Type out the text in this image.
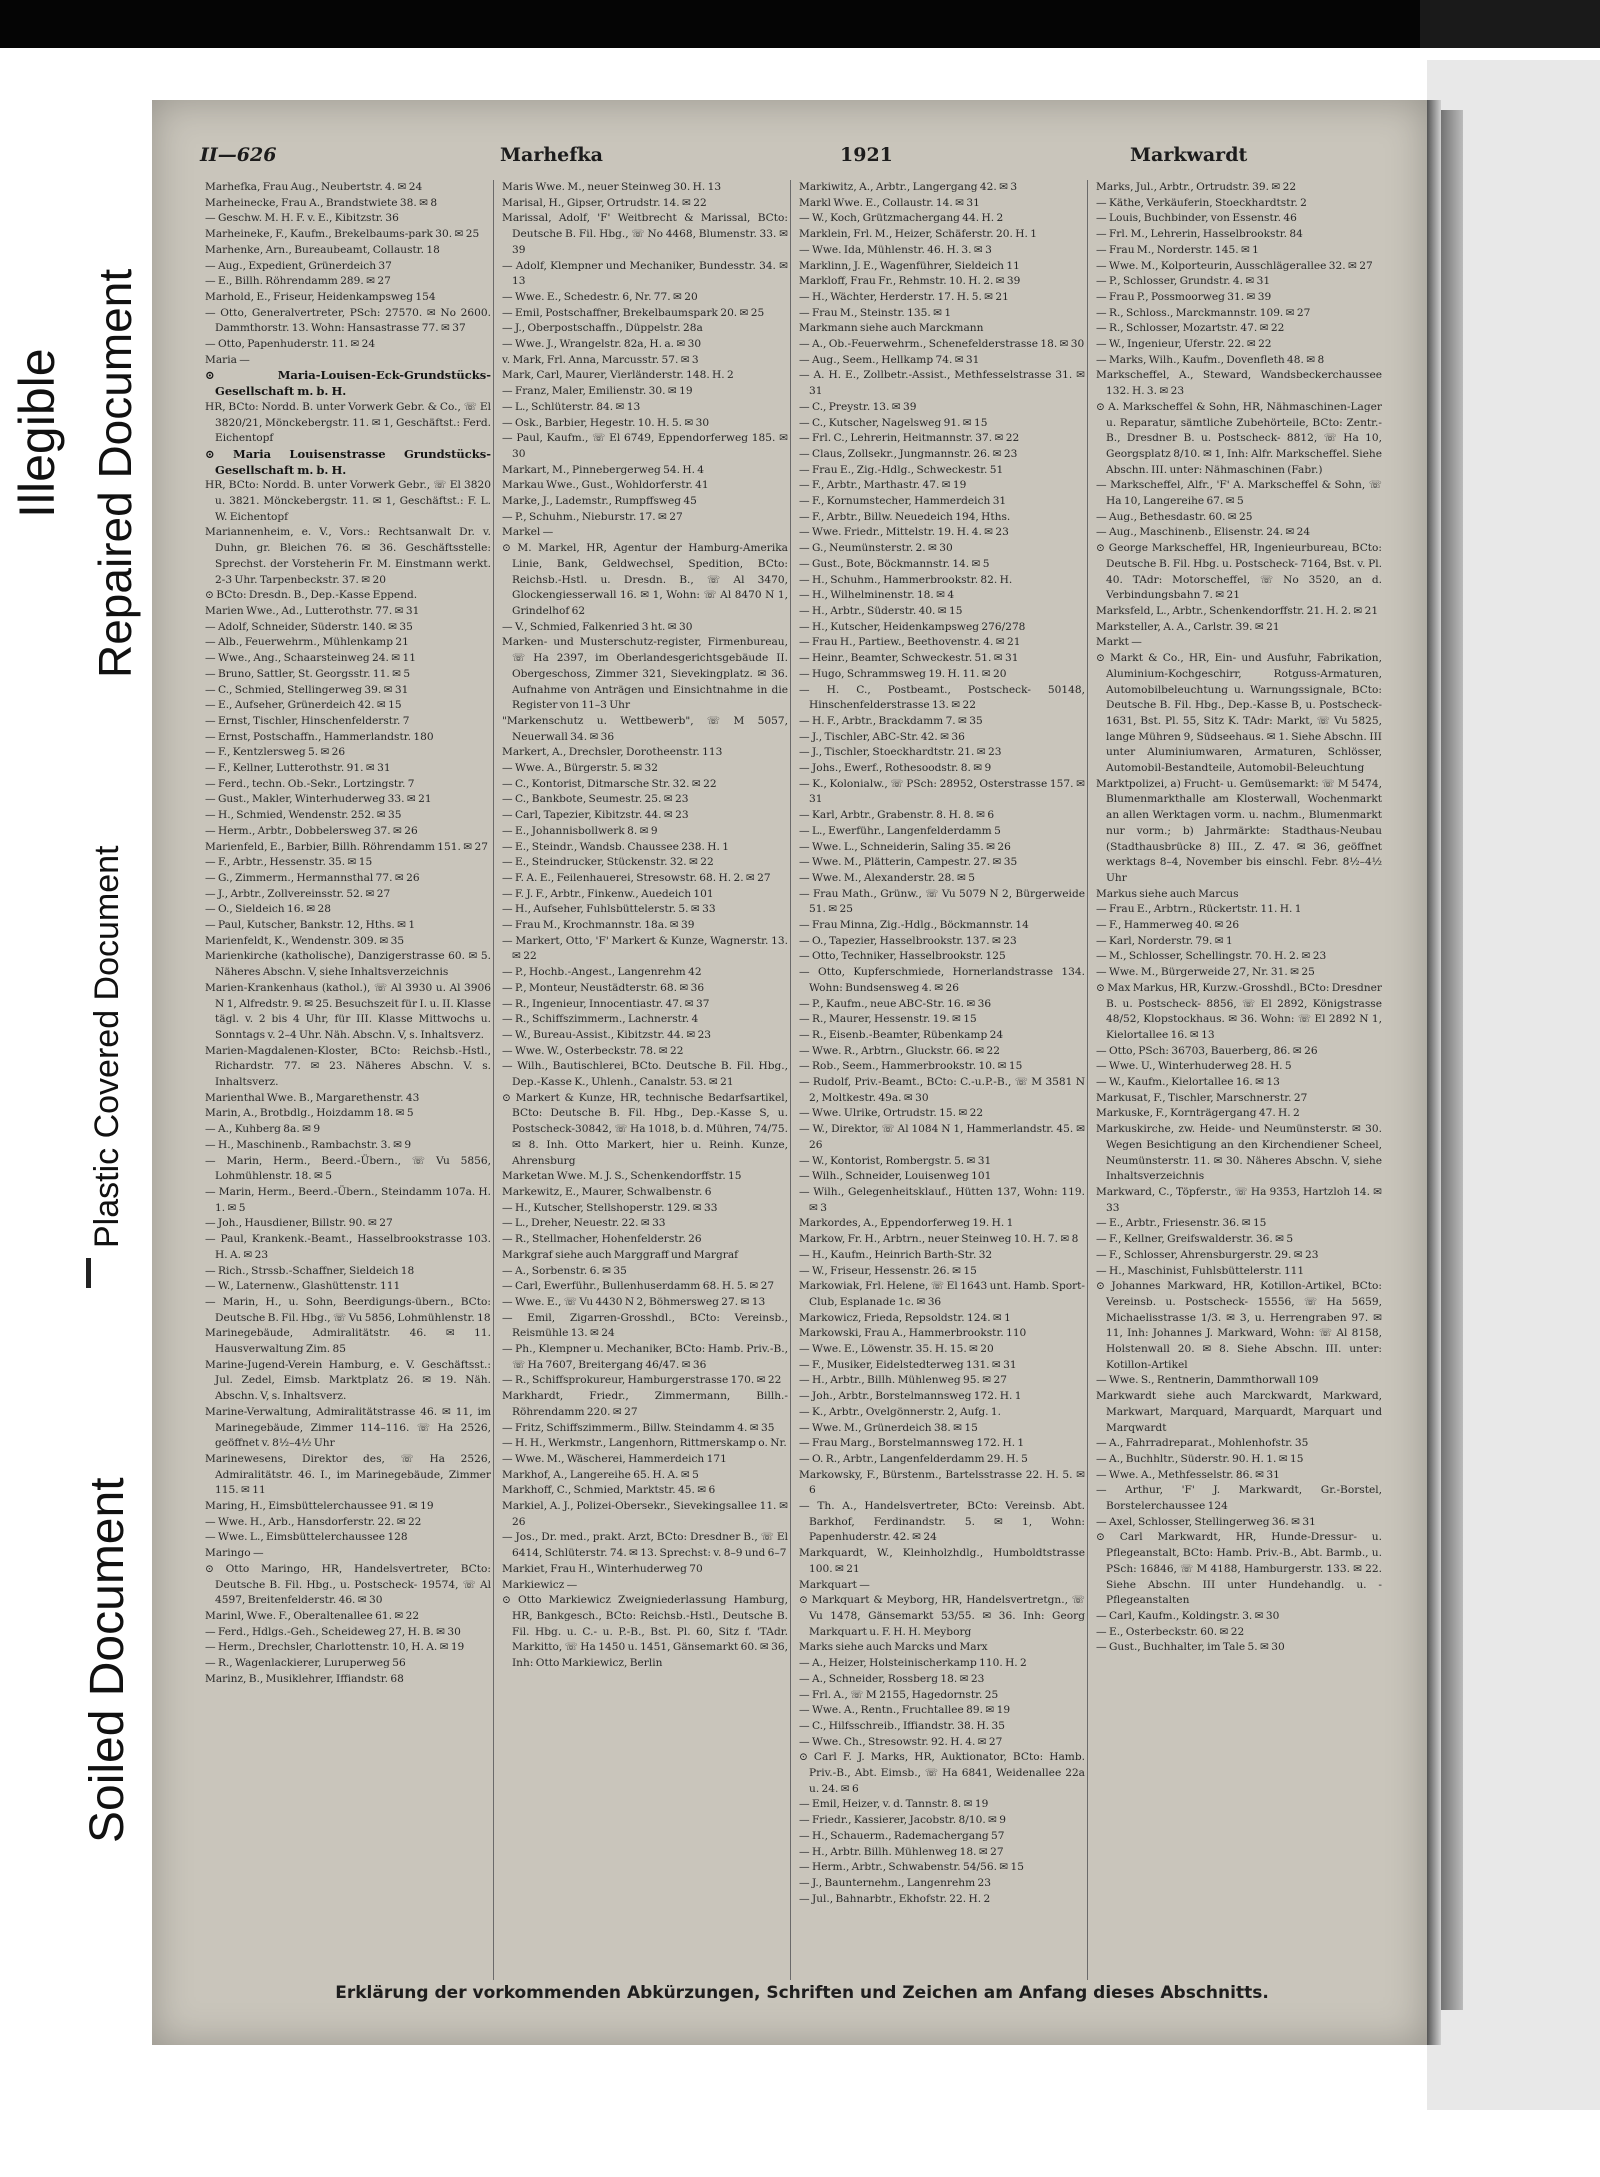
Illegible Repaired Document
Plastic Covered Document
Soiled Document
II—626	Marhefka	1921	Markwardt

Marhefka, Frau Aug., Neubertstr. 4. ✉ 24

Marheinecke, Frau A., Brandstwiete 38. ✉ 8

— Geschw. M. H. F. v. E., Kibitzstr. 36

Marheineke, F., Kaufm., Brekelbaums-park 30. ✉ 25

Marhenke, Arn., Bureaubeamt, Collaustr. 18

— Aug., Expedient, Grünerdeich 37

— E., Billh. Röhrendamm 289. ✉ 27

Marhold, E., Friseur, Heidenkampsweg 154

— Otto, Generalvertreter, PSch: 27570. ✉ No 2600. Dammthorstr. 13. Wohn: Hansastrasse 77. ✉ 37

— Otto, Papenhuderstr. 11. ✉ 24

Maria —

⊙ Maria-Louisen-Eck-Grundstücks-Gesellschaft m. b. H.

HR, BCto: Nordd. B. unter Vorwerk Gebr. & Co., ☏ El 3820/21, Mönckebergstr. 11. ✉ 1, Geschäftst.: Ferd. Eichentopf

⊙ Maria Louisenstrasse Grundstücks-Gesellschaft m. b. H.

HR, BCto: Nordd. B. unter Vorwerk Gebr., ☏ El 3820 u. 3821. Mönckebergstr. 11. ✉ 1, Geschäftst.: F. L. W. Eichentopf

Mariannenheim, e. V., Vors.: Rechtsanwalt Dr. v. Duhn, gr. Bleichen 76. ✉ 36. Geschäftsstelle: Sprechst. der Vorsteherin Fr. M. Einstmann werkt. 2-3 Uhr. Tarpenbeckstr. 37. ✉ 20

⊙ BCto: Dresdn. B., Dep.-Kasse Eppend.

Marien Wwe., Ad., Lutterothstr. 77. ✉ 31

— Adolf, Schneider, Süderstr. 140. ✉ 35

— Alb., Feuerwehrm., Mühlenkamp 21

— Wwe., Ang., Schaarsteinweg 24. ✉ 11

— Bruno, Sattler, St. Georgsstr. 11. ✉ 5

— C., Schmied, Stellingerweg 39. ✉ 31

— E., Aufseher, Grünerdeich 42. ✉ 15

— Ernst, Tischler, Hinschenfelderstr. 7

— Ernst, Postschaffn., Hammerlandstr. 180

— F., Kentzlersweg 5. ✉ 26

— F., Kellner, Lutterothstr. 91. ✉ 31

— Ferd., techn. Ob.-Sekr., Lortzingstr. 7

— Gust., Makler, Winterhuderweg 33. ✉ 21

— H., Schmied, Wendenstr. 252. ✉ 35

— Herm., Arbtr., Dobbelersweg 37. ✉ 26

Marienfeld, E., Barbier, Billh. Röhrendamm 151. ✉ 27

— F., Arbtr., Hessenstr. 35. ✉ 15

— G., Zimmerm., Hermannsthal 77. ✉ 26

— J., Arbtr., Zollvereinsstr. 52. ✉ 27

— O., Sieldeich 16. ✉ 28

— Paul, Kutscher, Bankstr. 12, Hths. ✉ 1

Marienfeldt, K., Wendenstr. 309. ✉ 35

Marienkirche (katholische), Danzigerstrasse 60. ✉ 5. Näheres Abschn. V, siehe Inhaltsverzeichnis

Marien-Krankenhaus (kathol.), ☏ Al 3930 u. Al 3906 N 1, Alfredstr. 9. ✉ 25. Besuchszeit für I. u. II. Klasse tägl. v. 2 bis 4 Uhr, für III. Klasse Mittwochs u. Sonntags v. 2–4 Uhr. Näh. Abschn. V, s. Inhaltsverz.

Marien-Magdalenen-Kloster, BCto: Reichsb.-Hstl., Richardstr. 77. ✉ 23. Näheres Abschn. V. s. Inhaltsverz.

Marienthal Wwe. B., Margarethenstr. 43

Marin, A., Brotbdlg., Hoizdamm 18. ✉ 5

— A., Kuhberg 8a. ✉ 9

— H., Maschinenb., Rambachstr. 3. ✉ 9

— Marin, Herm., Beerd.-Übern., ☏ Vu 5856, Lohmühlenstr. 18. ✉ 5

— Marin, Herm., Beerd.-Übern., Steindamm 107a. H. 1. ✉ 5

— Joh., Hausdiener, Billstr. 90. ✉ 27

— Paul, Krankenk.-Beamt., Hasselbrookstrasse 103. H. A. ✉ 23

— Rich., Strssb.-Schaffner, Sieldeich 18

— W., Laternenw., Glashüttenstr. 111

— Marin, H., u. Sohn, Beerdigungs-übern., BCto: Deutsche B. Fil. Hbg., ☏ Vu 5856, Lohmühlenstr. 18

Marinegebäude, Admiralitätstr. 46. ✉ 11. Hausverwaltung Zim. 85

Marine-Jugend-Verein Hamburg, e. V. Geschäftsst.: Jul. Zedel, Eimsb. Marktplatz 26. ✉ 19. Näh. Abschn. V, s. Inhaltsverz.

Marine-Verwaltung, Admiralitätstrasse 46. ✉ 11, im Marinegebäude, Zimmer 114–116. ☏ Ha 2526, geöffnet v. 8½–4½ Uhr

Marinewesens, Direktor des, ☏ Ha 2526, Admiralitätstr. 46. I., im Marinegebäude, Zimmer 115. ✉ 11

Maring, H., Eimsbüttelerchaussee 91. ✉ 19

— Wwe. H., Arb., Hansdorferstr. 22. ✉ 22

— Wwe. L., Eimsbüttelerchaussee 128

Maringo —

⊙ Otto Maringo, HR, Handelsvertreter, BCto: Deutsche B. Fil. Hbg., u. Postscheck- 19574, ☏ Al 4597, Breitenfelderstr. 46. ✉ 30

Marinl, Wwe. F., Oberaltenallee 61. ✉ 22

— Ferd., Hdlgs.-Geh., Scheideweg 27, H. B. ✉ 30

— Herm., Drechsler, Charlottenstr. 10, H. A. ✉ 19

— R., Wagenlackierer, Luruperweg 56

Marinz, B., Musiklehrer, Iffiandstr. 68

Maris Wwe. M., neuer Steinweg 30. H. 13

Marisal, H., Gipser, Ortrudstr. 14. ✉ 22

Marissal, Adolf, 'F' Weitbrecht & Marissal, BCto: Deutsche B. Fil. Hbg., ☏ No 4468, Blumenstr. 33. ✉ 39

— Adolf, Klempner und Mechaniker, Bundesstr. 34. ✉ 13

— Wwe. E., Schedestr. 6, Nr. 77. ✉ 20

— Emil, Postschaffner, Brekelbaumspark 20. ✉ 25

— J., Oberpostschaffn., Düppelstr. 28a

— Wwe. J., Wrangelstr. 82a, H. a. ✉ 30

v. Mark, Frl. Anna, Marcusstr. 57. ✉ 3

Mark, Carl, Maurer, Vierländerstr. 148. H. 2

— Franz, Maler, Emilienstr. 30. ✉ 19

— L., Schlüterstr. 84. ✉ 13

— Osk., Barbier, Hegestr. 10. H. 5. ✉ 30

— Paul, Kaufm., ☏ El 6749, Eppendorferweg 185. ✉ 30

Markart, M., Pinnebergerweg 54. H. 4

Markau Wwe., Gust., Wohldorferstr. 41

Marke, J., Lademstr., Rumpffsweg 45

— P., Schuhm., Nieburstr. 17. ✉ 27

Markel —

⊙ M. Markel, HR, Agentur der Hamburg-Amerika Linie, Bank, Geldwechsel, Spedition, BCto: Reichsb.-Hstl. u. Dresdn. B., ☏ Al 3470, Glockengiesserwall 16. ✉ 1, Wohn: ☏ Al 8470 N 1, Grindelhof 62

— V., Schmied, Falkenried 3 ht. ✉ 30

Marken- und Musterschutz-register, Firmenbureau, ☏ Ha 2397, im Oberlandesgerichtsgebäude II. Obergeschoss, Zimmer 321, Sievekingplatz. ✉ 36. Aufnahme von Anträgen und Einsichtnahme in die Register von 11–3 Uhr

"Markenschutz u. Wettbewerb", ☏ M 5057, Neuerwall 34. ✉ 36

Markert, A., Drechsler, Dorotheenstr. 113

— Wwe. A., Bürgerstr. 5. ✉ 32

— C., Kontorist, Ditmarsche Str. 32. ✉ 22

— C., Bankbote, Seumestr. 25. ✉ 23

— Carl, Tapezier, Kibitzstr. 44. ✉ 23

— E., Johannisbollwerk 8. ✉ 9

— E., Steindr., Wandsb. Chaussee 238. H. 1

— E., Steindrucker, Stückenstr. 32. ✉ 22

— F. A. E., Feilenhauerei, Stresowstr. 68. H. 2. ✉ 27

— F. J. F., Arbtr., Finkenw., Auedeich 101

— H., Aufseher, Fuhlsbüttelerstr. 5. ✉ 33

— Frau M., Krochmannstr. 18a. ✉ 39

— Markert, Otto, 'F' Markert & Kunze, Wagnerstr. 13. ✉ 22

— P., Hochb.-Angest., Langenrehm 42

— P., Monteur, Neustädterstr. 68. ✉ 36

— R., Ingenieur, Innocentiastr. 47. ✉ 37

— R., Schiffszimmerm., Lachnerstr. 4

— W., Bureau-Assist., Kibitzstr. 44. ✉ 23

— Wwe. W., Osterbeckstr. 78. ✉ 22

— Wilh., Bautischlerei, BCto. Deutsche B. Fil. Hbg., Dep.-Kasse K., Uhlenh., Canalstr. 53. ✉ 21

⊙ Markert & Kunze, HR, technische Bedarfsartikel, BCto: Deutsche B. Fil. Hbg., Dep.-Kasse S, u. Postscheck-30842, ☏ Ha 1018, b. d. Mühren, 74/75. ✉ 8. Inh. Otto Markert, hier u. Reinh. Kunze, Ahrensburg

Marketan Wwe. M. J. S., Schenkendorffstr. 15

Markewitz, E., Maurer, Schwalbenstr. 6

— H., Kutscher, Stellshoperstr. 129. ✉ 33

— L., Dreher, Neuestr. 22. ✉ 33

— R., Stellmacher, Hohenfelderstr. 26

Markgraf siehe auch Marggraff und Margraf

— A., Sorbenstr. 6. ✉ 35

— Carl, Ewerführ., Bullenhuserdamm 68. H. 5. ✉ 27

— Wwe. E., ☏ Vu 4430 N 2, Böhmersweg 27. ✉ 13

— Emil, Zigarren-Grosshdl., BCto: Vereinsb., Reismühle 13. ✉ 24

— Ph., Klempner u. Mechaniker, BCto: Hamb. Priv.-B., ☏ Ha 7607, Breitergang 46/47. ✉ 36

— R., Schiffsprokureur, Hamburgerstrasse 170. ✉ 22

Markhardt, Friedr., Zimmermann, Billh.-Röhrendamm 220. ✉ 27

— Fritz, Schiffszimmerm., Billw. Steindamm 4. ✉ 35

— H. H., Werkmstr., Langenhorn, Rittmerskamp o. Nr.

— Wwe. M., Wäscherei, Hammerdeich 171

Markhof, A., Langereihe 65. H. A. ✉ 5

Markhoff, C., Schmied, Marktstr. 45. ✉ 6

Markiel, A. J., Polizei-Obersekr., Sievekingsallee 11. ✉ 26

— Jos., Dr. med., prakt. Arzt, BCto: Dresdner B., ☏ El 6414, Schlüterstr. 74. ✉ 13. Sprechst: v. 8–9 und 6–7

Markiet, Frau H., Winterhuderweg 70

Markiewicz —

⊙ Otto Markiewicz Zweigniederlassung Hamburg, HR, Bankgesch., BCto: Reichsb.-Hstl., Deutsche B. Fil. Hbg. u. C.- u. P.-B., Bst. Pl. 60, Sitz f. 'TAdr. Markitto, ☏ Ha 1450 u. 1451, Gänsemarkt 60. ✉ 36, Inh: Otto Markiewicz, Berlin

Markiwitz, A., Arbtr., Langergang 42. ✉ 3

Markl Wwe. E., Collaustr. 14. ✉ 31

— W., Koch, Grützmachergang 44. H. 2

Marklein, Frl. M., Heizer, Schäferstr. 20. H. 1

— Wwe. Ida, Mühlenstr. 46. H. 3. ✉ 3

Marklinn, J. E., Wagenführer, Sieldeich 11

Markloff, Frau Fr., Rehmstr. 10. H. 2. ✉ 39

— H., Wächter, Herderstr. 17. H. 5. ✉ 21

— Frau M., Steinstr. 135. ✉ 1

Markmann siehe auch Marckmann

— A., Ob.-Feuerwehrm., Schenefelderstrasse 18. ✉ 30

— Aug., Seem., Hellkamp 74. ✉ 31

— A. H. E., Zollbetr.-Assist., Methfesselstrasse 31. ✉ 31

— C., Preystr. 13. ✉ 39

— C., Kutscher, Nagelsweg 91. ✉ 15

— Frl. C., Lehrerin, Heitmannstr. 37. ✉ 22

— Claus, Zollsekr., Jungmannstr. 26. ✉ 23

— Frau E., Zig.-Hdlg., Schweckestr. 51

— F., Arbtr., Marthastr. 47. ✉ 19

— F., Kornumstecher, Hammerdeich 31

— F., Arbtr., Billw. Neuedeich 194, Hths.

— Wwe. Friedr., Mittelstr. 19. H. 4. ✉ 23

— G., Neumünsterstr. 2. ✉ 30

— Gust., Bote, Böckmannstr. 14. ✉ 5

— H., Schuhm., Hammerbrookstr. 82. H.

— H., Wilhelminenstr. 18. ✉ 4

— H., Arbtr., Süderstr. 40. ✉ 15

— H., Kutscher, Heidenkampsweg 276/278

— Frau H., Partiew., Beethovenstr. 4. ✉ 21

— Heinr., Beamter, Schweckestr. 51. ✉ 31

— Hugo, Schrammsweg 19. H. 11. ✉ 20

— H. C., Postbeamt., Postscheck- 50148, Hinschenfelderstrasse 13. ✉ 22

— H. F., Arbtr., Brackdamm 7. ✉ 35

— J., Tischler, ABC-Str. 42. ✉ 36

— J., Tischler, Stoeckhardtstr. 21. ✉ 23

— Johs., Ewerf., Rothesoodstr. 8. ✉ 9

— K., Kolonialw., ☏ PSch: 28952, Osterstrasse 157. ✉ 31

— Karl, Arbtr., Grabenstr. 8. H. 8. ✉ 6

— L., Ewerführ., Langenfelderdamm 5

— Wwe. L., Schneiderin, Saling 35. ✉ 26

— Wwe. M., Plätterin, Campestr. 27. ✉ 35

— Wwe. M., Alexanderstr. 28. ✉ 5

— Frau Math., Grünw., ☏ Vu 5079 N 2, Bürgerweide 51. ✉ 25

— Frau Minna, Zig.-Hdlg., Böckmannstr. 14

— O., Tapezier, Hasselbrookstr. 137. ✉ 23

— Otto, Techniker, Hasselbrookstr. 125

— Otto, Kupferschmiede, Hornerlandstrasse 134. Wohn: Bundsensweg 4. ✉ 26

— P., Kaufm., neue ABC-Str. 16. ✉ 36

— R., Maurer, Hessenstr. 19. ✉ 15

— R., Eisenb.-Beamter, Rübenkamp 24

— Wwe. R., Arbtrn., Gluckstr. 66. ✉ 22

— Rob., Seem., Hammerbrookstr. 10. ✉ 15

— Rudolf, Priv.-Beamt., BCto: C.-u.P.-B., ☏ M 3581 N 2, Moltkestr. 49a. ✉ 30

— Wwe. Ulrike, Ortrudstr. 15. ✉ 22

— W., Direktor, ☏ Al 1084 N 1, Hammerlandstr. 45. ✉ 26

— W., Kontorist, Rombergstr. 5. ✉ 31

— Wilh., Schneider, Louisenweg 101

— Wilh., Gelegenheitsklauf., Hütten 137, Wohn: 119. ✉ 3

Markordes, A., Eppendorferweg 19. H. 1

Markow, Fr. H., Arbtrn., neuer Steinweg 10. H. 7. ✉ 8

— H., Kaufm., Heinrich Barth-Str. 32

— W., Friseur, Hessenstr. 26. ✉ 15

Markowiak, Frl. Helene, ☏ El 1643 unt. Hamb. Sport-Club, Esplanade 1c. ✉ 36

Markowicz, Frieda, Repsoldstr. 124. ✉ 1

Markowski, Frau A., Hammerbrookstr. 110

— Wwe. E., Löwenstr. 35. H. 15. ✉ 20

— F., Musiker, Eidelstedterweg 131. ✉ 31

— H., Arbtr., Billh. Mühlenweg 95. ✉ 27

— Joh., Arbtr., Borstelmannsweg 172. H. 1

— K., Arbtr., Ovelgönnerstr. 2, Aufg. 1.

— Wwe. M., Grünerdeich 38. ✉ 15

— Frau Marg., Borstelmannsweg 172. H. 1

— O. R., Arbtr., Langenfelderdamm 29. H. 5

Markowsky, F., Bürstenm., Bartelsstrasse 22. H. 5. ✉ 6

— Th. A., Handelsvertreter, BCto: Vereinsb. Abt. Barkhof, Ferdinandstr. 5. ✉ 1, Wohn: Papenhuderstr. 42. ✉ 24

Markquardt, W., Kleinholzhdlg., Humboldtstrasse 100. ✉ 21

Markquart —

⊙ Markquart & Meyborg, HR, Handelsvertretgn., ☏ Vu 1478, Gänsemarkt 53/55. ✉ 36. Inh: Georg Markquart u. F. H. H. Meyborg

Marks siehe auch Marcks und Marx

— A., Heizer, Holsteinischerkamp 110. H. 2

— A., Schneider, Rossberg 18. ✉ 23

— Frl. A., ☏ M 2155, Hagedornstr. 25

— Wwe. A., Rentn., Fruchtallee 89. ✉ 19

— C., Hilfsschreib., Iffiandstr. 38. H. 35

— Wwe. Ch., Stresowstr. 92. H. 4. ✉ 27

⊙ Carl F. J. Marks, HR, Auktionator, BCto: Hamb. Priv.-B., Abt. Eimsb., ☏ Ha 6841, Weidenallee 22a u. 24. ✉ 6

— Emil, Heizer, v. d. Tannstr. 8. ✉ 19

— Friedr., Kassierer, Jacobstr. 8/10. ✉ 9

— H., Schauerm., Rademachergang 57

— H., Arbtr. Billh. Mühlenweg 18. ✉ 27

— Herm., Arbtr., Schwabenstr. 54/56. ✉ 15

— J., Baunternehm., Langenrehm 23

— Jul., Bahnarbtr., Ekhofstr. 22. H. 2

Marks, Jul., Arbtr., Ortrudstr. 39. ✉ 22

— Käthe, Verkäuferin, Stoeckhardtstr. 2

— Louis, Buchbinder, von Essenstr. 46

— Frl. M., Lehrerin, Hasselbrookstr. 84

— Frau M., Norderstr. 145. ✉ 1

— Wwe. M., Kolporteurin, Ausschlägerallee 32. ✉ 27

— P., Schlosser, Grundstr. 4. ✉ 31

— Frau P., Possmoorweg 31. ✉ 39

— R., Schloss., Marckmannstr. 109. ✉ 27

— R., Schlosser, Mozartstr. 47. ✉ 22

— W., Ingenieur, Uferstr. 22. ✉ 22

— Marks, Wilh., Kaufm., Dovenfleth 48. ✉ 8

Markscheffel, A., Steward, Wandsbeckerchaussee 132. H. 3. ✉ 23

⊙ A. Markscheffel & Sohn, HR, Nähmaschinen-Lager u. Reparatur, sämtliche Zubehörteile, BCto: Zentr.-B., Dresdner B. u. Postscheck- 8812, ☏ Ha 10, Georgsplatz 8/10. ✉ 1, Inh: Alfr. Markscheffel. Siehe Abschn. III. unter: Nähmaschinen (Fabr.)

— Markscheffel, Alfr., 'F' A. Markscheffel & Sohn, ☏ Ha 10, Langereihe 67. ✉ 5

— Aug., Bethesdastr. 60. ✉ 25

— Aug., Maschinenb., Elisenstr. 24. ✉ 24

⊙ George Markscheffel, HR, Ingenieurbureau, BCto: Deutsche B. Fil. Hbg. u. Postscheck- 7164, Bst. v. Pl. 40. TAdr: Motorscheffel, ☏ No 3520, an d. Verbindungsbahn 7. ✉ 21

Marksfeld, L., Arbtr., Schenkendorffstr. 21. H. 2. ✉ 21

Marksteller, A. A., Carlstr. 39. ✉ 21

Markt —

⊙ Markt & Co., HR, Ein- und Ausfuhr, Fabrikation, Aluminium-Kochgeschirr, Rotguss-Armaturen, Automobilbeleuchtung u. Warnungssignale, BCto: Deutsche B. Fil. Hbg., Dep.-Kasse B, u. Postscheck- 1631, Bst. Pl. 55, Sitz K. TAdr: Markt, ☏ Vu 5825, lange Mühren 9, Südseehaus. ✉ 1. Siehe Abschn. III unter Aluminiumwaren, Armaturen, Schlösser, Automobil-Bestandteile, Automobil-Beleuchtung

Marktpolizei, a) Frucht- u. Gemüsemarkt: ☏ M 5474, Blumenmarkthalle am Klosterwall, Wochenmarkt an allen Werktagen vorm. u. nachm., Blumenmarkt nur vorm.; b) Jahrmärkte: Stadthaus-Neubau (Stadthausbrücke 8) III., Z. 47. ✉ 36, geöffnet werktags 8–4, November bis einschl. Febr. 8½–4½ Uhr

Markus siehe auch Marcus

— Frau E., Arbtrn., Rückertstr. 11. H. 1

— F., Hammerweg 40. ✉ 26

— Karl, Norderstr. 79. ✉ 1

— M., Schlosser, Schellingstr. 70. H. 2. ✉ 23

— Wwe. M., Bürgerweide 27, Nr. 31. ✉ 25

⊙ Max Markus, HR, Kurzw.-Grosshdl., BCto: Dresdner B. u. Postscheck- 8856, ☏ El 2892, Königstrasse 48/52, Klopstockhaus. ✉ 36. Wohn: ☏ El 2892 N 1, Kielortallee 16. ✉ 13

— Otto, PSch: 36703, Bauerberg, 86. ✉ 26

— Wwe. U., Winterhuderweg 28. H. 5

— W., Kaufm., Kielortallee 16. ✉ 13

Markusat, F., Tischler, Marschnerstr. 27

Markuske, F., Kornträgergang 47. H. 2

Markuskirche, zw. Heide- und Neumünsterstr. ✉ 30. Wegen Besichtigung an den Kirchendiener Scheel, Neumünsterstr. 11. ✉ 30. Näheres Abschn. V, siehe Inhaltsverzeichnis

Markward, C., Töpferstr., ☏ Ha 9353, Hartzloh 14. ✉ 33

— E., Arbtr., Friesenstr. 36. ✉ 15

— F., Kellner, Greifswalderstr. 36. ✉ 5

— F., Schlosser, Ahrensburgerstr. 29. ✉ 23

— H., Maschinist, Fuhlsbüttelerstr. 111

⊙ Johannes Markward, HR, Kotillon-Artikel, BCto: Vereinsb. u. Postscheck- 15556, ☏ Ha 5659, Michaelisstrasse 1/3. ✉ 3, u. Herrengraben 97. ✉ 11, Inh: Johannes J. Markward, Wohn: ☏ Al 8158, Holstenwall 20. ✉ 8. Siehe Abschn. III. unter: Kotillon-Artikel

— Wwe. S., Rentnerin, Dammthorwall 109

Markwardt siehe auch Marckwardt, Markward, Markwart, Marquard, Marquardt, Marquart und Marqwardt

— A., Fahrradreparat., Mohlenhofstr. 35

— A., Buchhltr., Süderstr. 90. H. 1. ✉ 15

— Wwe. A., Methfesselstr. 86. ✉ 31

— Arthur, 'F' J. Markwardt, Gr.-Borstel, Borstelerchaussee 124

— Axel, Schlosser, Stellingerweg 36. ✉ 31

⊙ Carl Markwardt, HR, Hunde-Dressur- u. Pflegeanstalt, BCto: Hamb. Priv.-B., Abt. Barmb., u. PSch: 16846, ☏ M 4188, Hamburgerstr. 133. ✉ 22. Siehe Abschn. III unter Hundehandlg. u. -Pflegeanstalten

— Carl, Kaufm., Koldingstr. 3. ✉ 30

— E., Osterbeckstr. 60. ✉ 22

— Gust., Buchhalter, im Tale 5. ✉ 30

Erklärung der vorkommenden Abkürzungen, Schriften und Zeichen am Anfang dieses Abschnitts.
